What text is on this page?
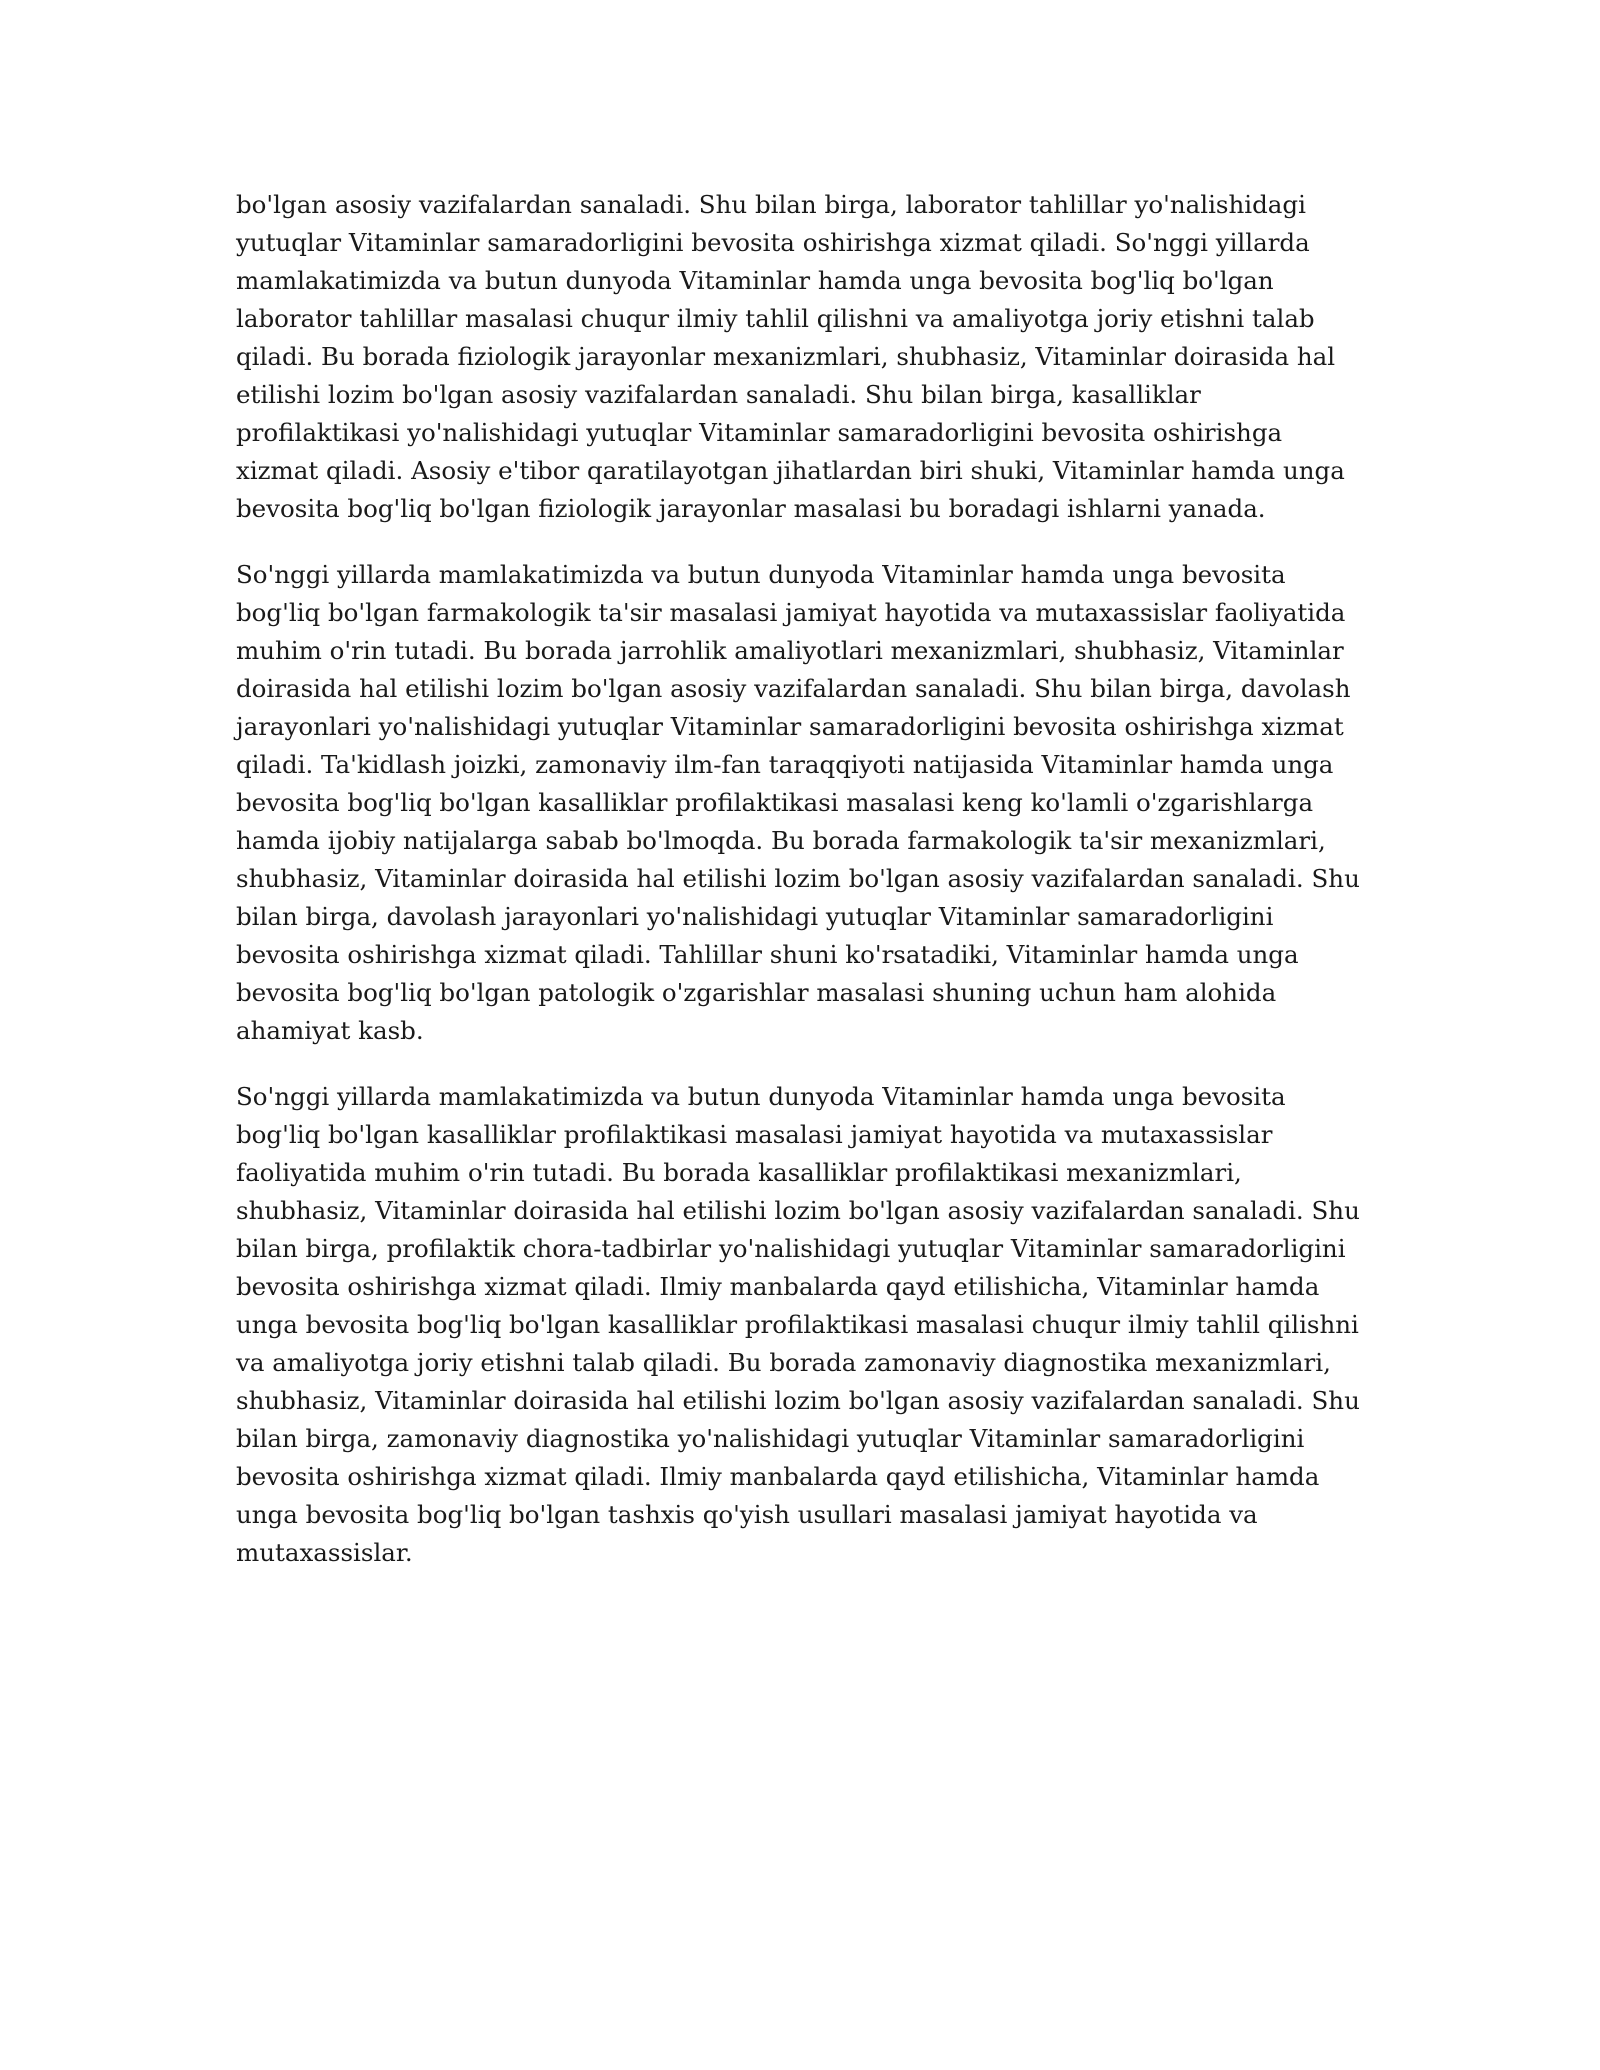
bo'lgan asosiy vazifalardan sanaladi. Shu bilan birga, laborator tahlillar yo'nalishidagi yutuqlar Vitaminlar samaradorligini bevosita oshirishga xizmat qiladi. So'nggi yillarda mamlakatimizda va butun dunyoda Vitaminlar hamda unga bevosita bog'liq bo'lgan laborator tahlillar masalasi chuqur ilmiy tahlil qilishni va amaliyotga joriy etishni talab qiladi. Bu borada fiziologik jarayonlar mexanizmlari, shubhasiz, Vitaminlar doirasida hal etilishi lozim bo'lgan asosiy vazifalardan sanaladi. Shu bilan birga, kasalliklar profilaktikasi yo'nalishidagi yutuqlar Vitaminlar samaradorligini bevosita oshirishga xizmat qiladi. Asosiy e'tibor qaratilayotgan jihatlardan biri shuki, Vitaminlar hamda unga bevosita bog'liq bo'lgan fiziologik jarayonlar masalasi bu boradagi ishlarni yanada.

So'nggi yillarda mamlakatimizda va butun dunyoda Vitaminlar hamda unga bevosita bog'liq bo'lgan farmakologik ta'sir masalasi jamiyat hayotida va mutaxassislar faoliyatida muhim o'rin tutadi. Bu borada jarrohlik amaliyotlari mexanizmlari, shubhasiz, Vitaminlar doirasida hal etilishi lozim bo'lgan asosiy vazifalardan sanaladi. Shu bilan birga, davolash jarayonlari yo'nalishidagi yutuqlar Vitaminlar samaradorligini bevosita oshirishga xizmat qiladi. Ta'kidlash joizki, zamonaviy ilm-fan taraqqiyoti natijasida Vitaminlar hamda unga bevosita bog'liq bo'lgan kasalliklar profilaktikasi masalasi keng ko'lamli o'zgarishlarga hamda ijobiy natijalarga sabab bo'lmoqda. Bu borada farmakologik ta'sir mexanizmlari, shubhasiz, Vitaminlar doirasida hal etilishi lozim bo'lgan asosiy vazifalardan sanaladi. Shu bilan birga, davolash jarayonlari yo'nalishidagi yutuqlar Vitaminlar samaradorligini bevosita oshirishga xizmat qiladi. Tahlillar shuni ko'rsatadiki, Vitaminlar hamda unga bevosita bog'liq bo'lgan patologik o'zgarishlar masalasi shuning uchun ham alohida ahamiyat kasb.

So'nggi yillarda mamlakatimizda va butun dunyoda Vitaminlar hamda unga bevosita bog'liq bo'lgan kasalliklar profilaktikasi masalasi jamiyat hayotida va mutaxassislar faoliyatida muhim o'rin tutadi. Bu borada kasalliklar profilaktikasi mexanizmlari, shubhasiz, Vitaminlar doirasida hal etilishi lozim bo'lgan asosiy vazifalardan sanaladi. Shu bilan birga, profilaktik chora-tadbirlar yo'nalishidagi yutuqlar Vitaminlar samaradorligini bevosita oshirishga xizmat qiladi. Ilmiy manbalarda qayd etilishicha, Vitaminlar hamda unga bevosita bog'liq bo'lgan kasalliklar profilaktikasi masalasi chuqur ilmiy tahlil qilishni va amaliyotga joriy etishni talab qiladi. Bu borada zamonaviy diagnostika mexanizmlari, shubhasiz, Vitaminlar doirasida hal etilishi lozim bo'lgan asosiy vazifalardan sanaladi. Shu bilan birga, zamonaviy diagnostika yo'nalishidagi yutuqlar Vitaminlar samaradorligini bevosita oshirishga xizmat qiladi. Ilmiy manbalarda qayd etilishicha, Vitaminlar hamda unga bevosita bog'liq bo'lgan tashxis qo'yish usullari masalasi jamiyat hayotida va mutaxassislar.
